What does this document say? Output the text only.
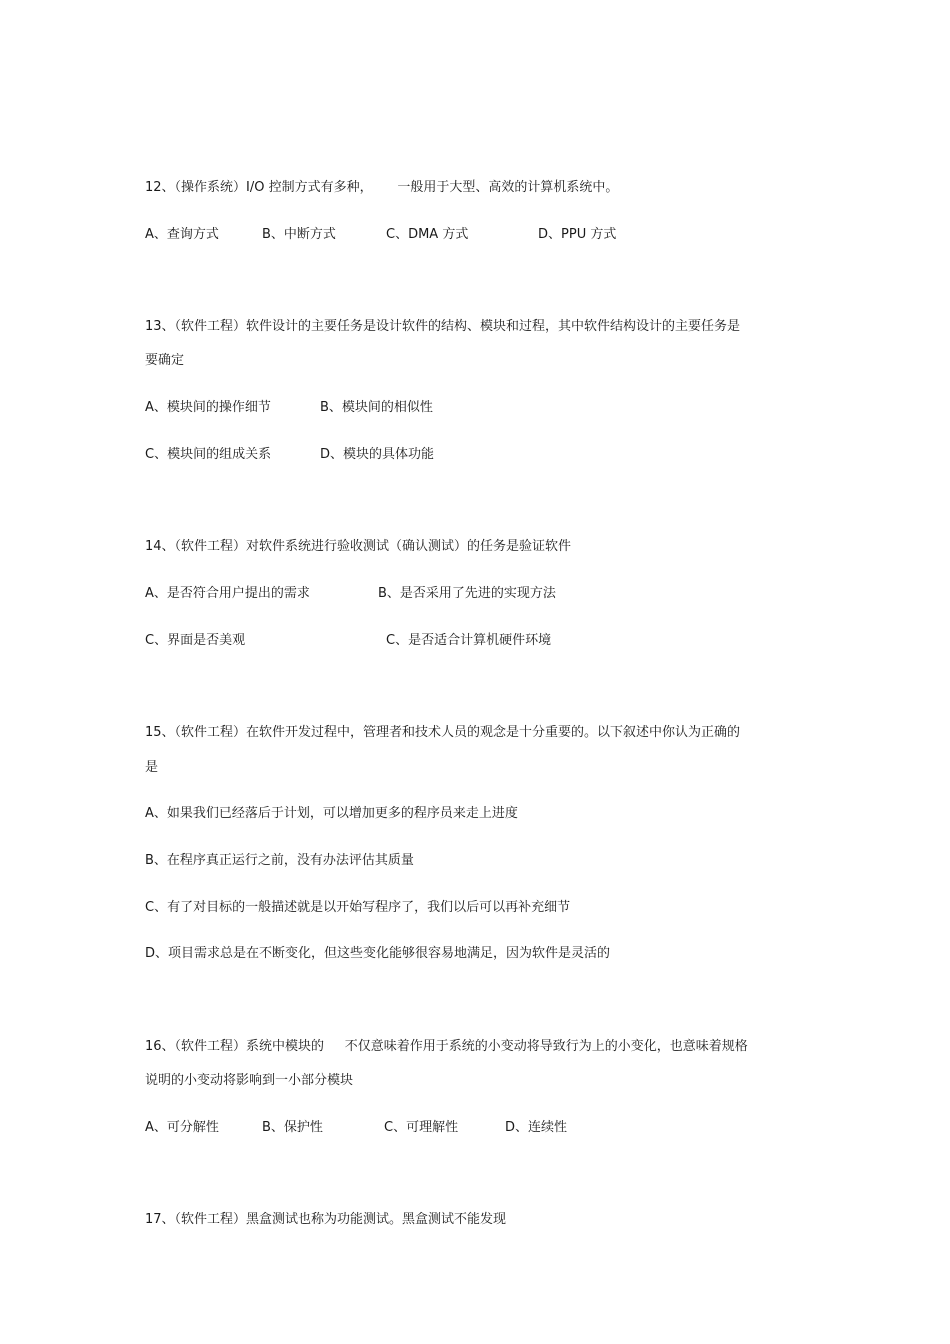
12、（操作系统）I/O 控制方式有多种，      一般用于大型、高效的计算机系统中。
A、查询方式	B、中断方式	C、DMA 方式	D、PPU 方式
13、（软件工程）软件设计的主要任务是设计软件的结构、模块和过程，其中软件结构设计的主要任务是
要确定
A、模块间的操作细节	B、模块间的相似性
C、模块间的组成关系	D、模块的具体功能
14、（软件工程）对软件系统进行验收测试（确认测试）的任务是验证软件
A、是否符合用户提出的需求	B、是否采用了先进的实现方法
C、界面是否美观	C、是否适合计算机硬件环境
15、（软件工程）在软件开发过程中，管理者和技术人员的观念是十分重要的。以下叙述中你认为正确的
是
A、如果我们已经落后于计划，可以增加更多的程序员来走上进度
B、在程序真正运行之前，没有办法评估其质量
C、有了对目标的一般描述就是以开始写程序了，我们以后可以再补充细节
D、项目需求总是在不断变化，但这些变化能够很容易地满足，因为软件是灵活的
16、（软件工程）系统中模块的     不仅意味着作用于系统的小变动将导致行为上的小变化，也意味着规格
说明的小变动将影响到一小部分模块
A、可分解性	B、保护性	C、可理解性	D、连续性
17、（软件工程）黑盒测试也称为功能测试。黑盒测试不能发现
